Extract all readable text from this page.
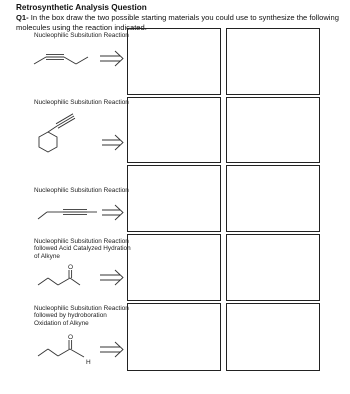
Retrosynthetic Analysis Question
Q1- In the box draw the two possible starting materials you could use to synthesize the following molecules using the reaction indicated.
Nucleophilic Subsitution Reaction
Nucleophilic Subsitution Reaction
Nucleophilic Subsitution Reaction
Nucleophilic Subsitution Reaction
followed Acid Catalyzed Hydration
of Alkyne
O
Nucleophilic Subsitution Reaction
followed by hydroboration
Oxidation of Alkyne
O
H
